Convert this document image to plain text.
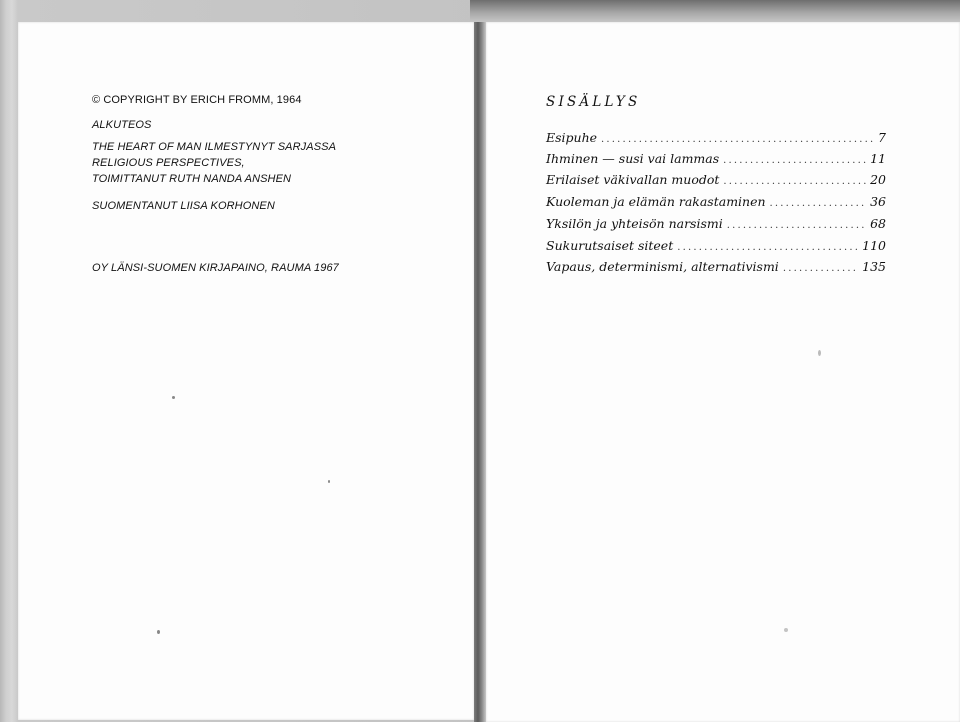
© COPYRIGHT BY ERICH FROMM, 1964
ALKUTEOS
THE HEART OF MAN ILMESTYNYT SARJASSA
RELIGIOUS PERSPECTIVES,
TOIMITTANUT RUTH NANDA ANSHEN
SUOMENTANUT LIISA KORHONEN
OY LÄNSI-SUOMEN KIRJAPAINO, RAUMA 1967
SISÄLLYS
Esipuhe .....	7
Ihminen — susi vai lammas .....	11
Erilaiset väkivallan muodot .....	20
Kuoleman ja elämän rakastaminen .....	36
Yksilön ja yhteisön narsismi .....	68
Sukurutsaiset siteet .....	110
Vapaus, determinismi, alternativismi .....	135
